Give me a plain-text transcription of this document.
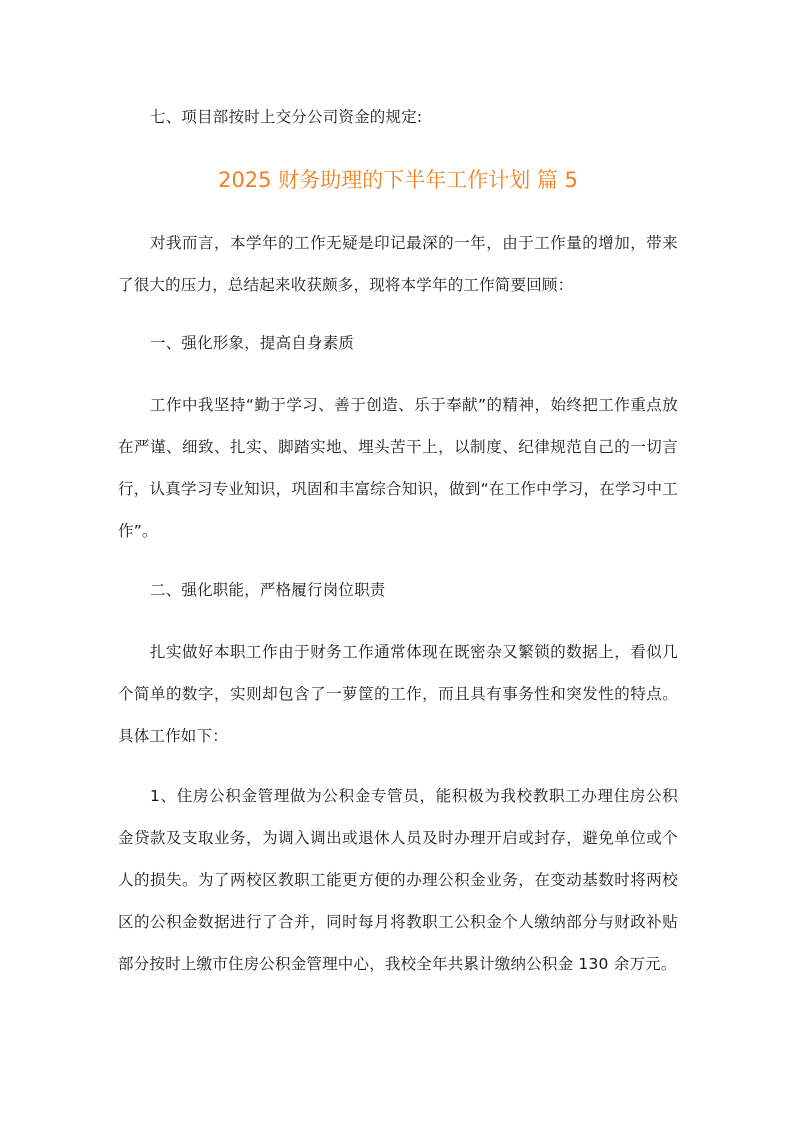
七、项目部按时上交分公司资金的规定:

2025 财务助理的下半年工作计划 篇 5

对我而言，本学年的工作无疑是印记最深的一年，由于工作量的增加，带来了很大的压力，总结起来收获颇多，现将本学年的工作简要回顾：

一、强化形象，提高自身素质

工作中我坚持“勤于学习、善于创造、乐于奉献”的精神，始终把工作重点放在严谨、细致、扎实、脚踏实地、埋头苦干上，以制度、纪律规范自己的一切言行，认真学习专业知识，巩固和丰富综合知识，做到“在工作中学习，在学习中工作”。

二、强化职能，严格履行岗位职责

扎实做好本职工作由于财务工作通常体现在既密杂又繁锁的数据上，看似几个简单的数字，实则却包含了一萝筐的工作，而且具有事务性和突发性的特点。具体工作如下：

1、住房公积金管理做为公积金专管员，能积极为我校教职工办理住房公积金贷款及支取业务，为调入调出或退休人员及时办理开启或封存，避免单位或个人的损失。为了两校区教职工能更方便的办理公积金业务，在变动基数时将两校区的公积金数据进行了合并，同时每月将教职工公积金个人缴纳部分与财政补贴部分按时上缴市住房公积金管理中心，我校全年共累计缴纳公积金 130 余万元。
